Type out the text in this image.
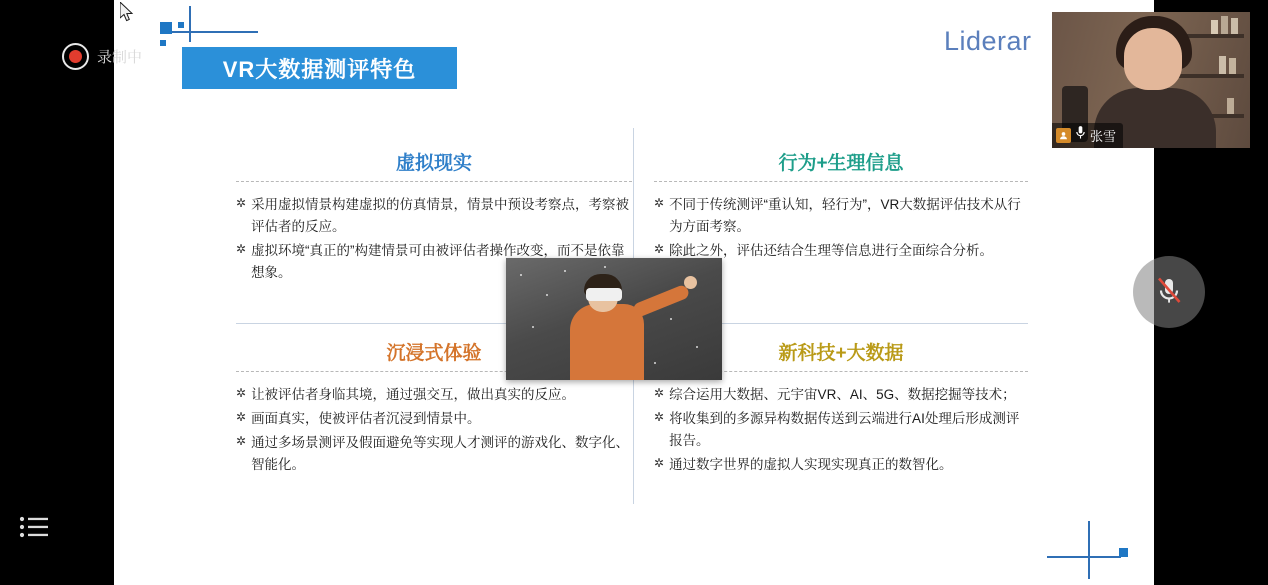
VR大数据测评特色
Liderar
虚拟现实
✲ 采用虚拟情景构建虚拟的仿真情景，情景中预设考察点，考察被评估者的反应。
✲ 虚拟环境“真正的”构建情景可由被评估者操作改变，而不是依靠想象。
行为+生理信息
✲ 不同于传统测评“重认知，轻行为”，VR大数据评估技术从行为方面考察。
✲ 除此之外，评估还结合生理等信息进行全面综合分析。
沉浸式体验
✲ 让被评估者身临其境，通过强交互，做出真实的反应。
✲ 画面真实，使被评估者沉浸到情景中。
✲ 通过多场景测评及假面避免等实现人才测评的游戏化、数字化、智能化。
新科技+大数据
✲ 综合运用大数据、元宇宙VR、AI、5G、数据挖掘等技术；
✲ 将收集到的多源异构数据传送到云端进行AI处理后形成测评报告。
✲ 通过数字世界的虚拟人实现实现真正的数智化。
录制中
张雪
